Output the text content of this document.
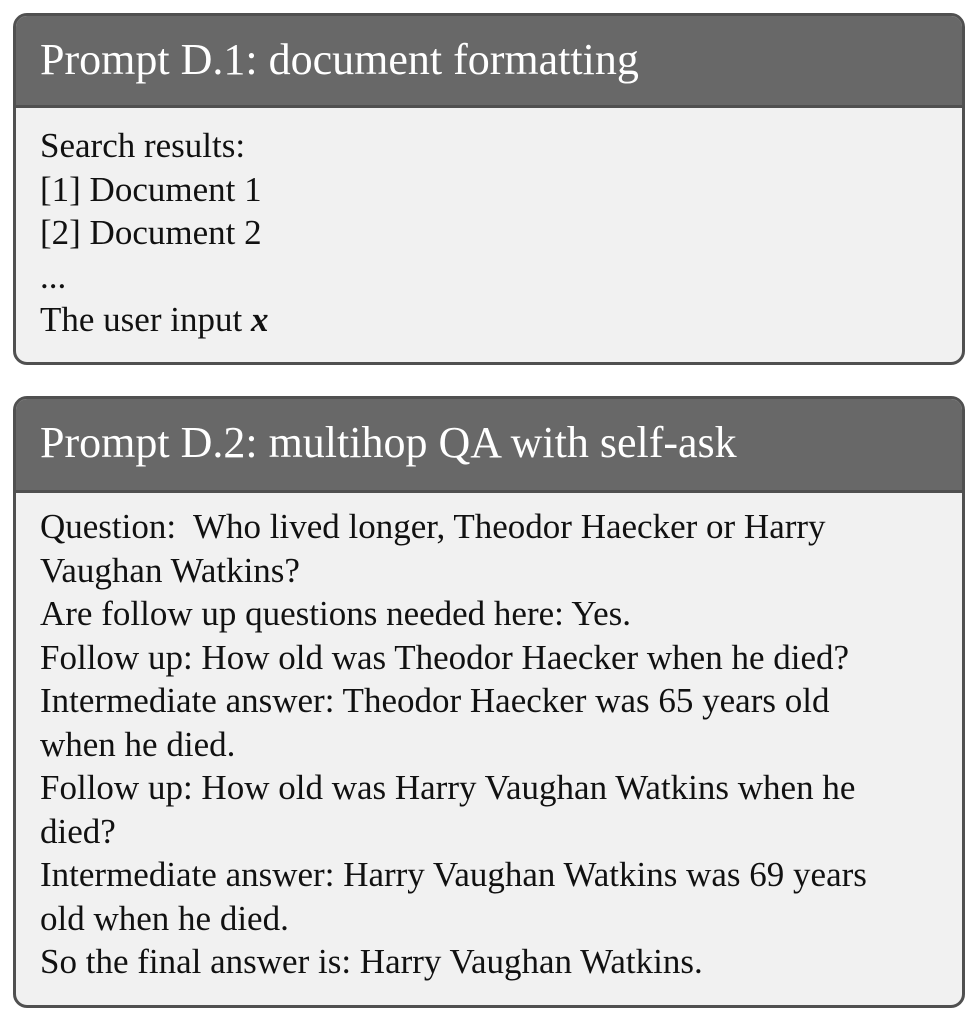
Prompt D.1: document formatting
Search results:
[1] Document 1
[2] Document 2
...
The user input x
Prompt D.2: multihop QA with self-ask
Question:  Who lived longer, Theodor Haecker or Harry
Vaughan Watkins?
Are follow up questions needed here: Yes.
Follow up: How old was Theodor Haecker when he died?
Intermediate answer: Theodor Haecker was 65 years old
when he died.
Follow up: How old was Harry Vaughan Watkins when he
died?
Intermediate answer: Harry Vaughan Watkins was 69 years
old when he died.
So the final answer is: Harry Vaughan Watkins.
